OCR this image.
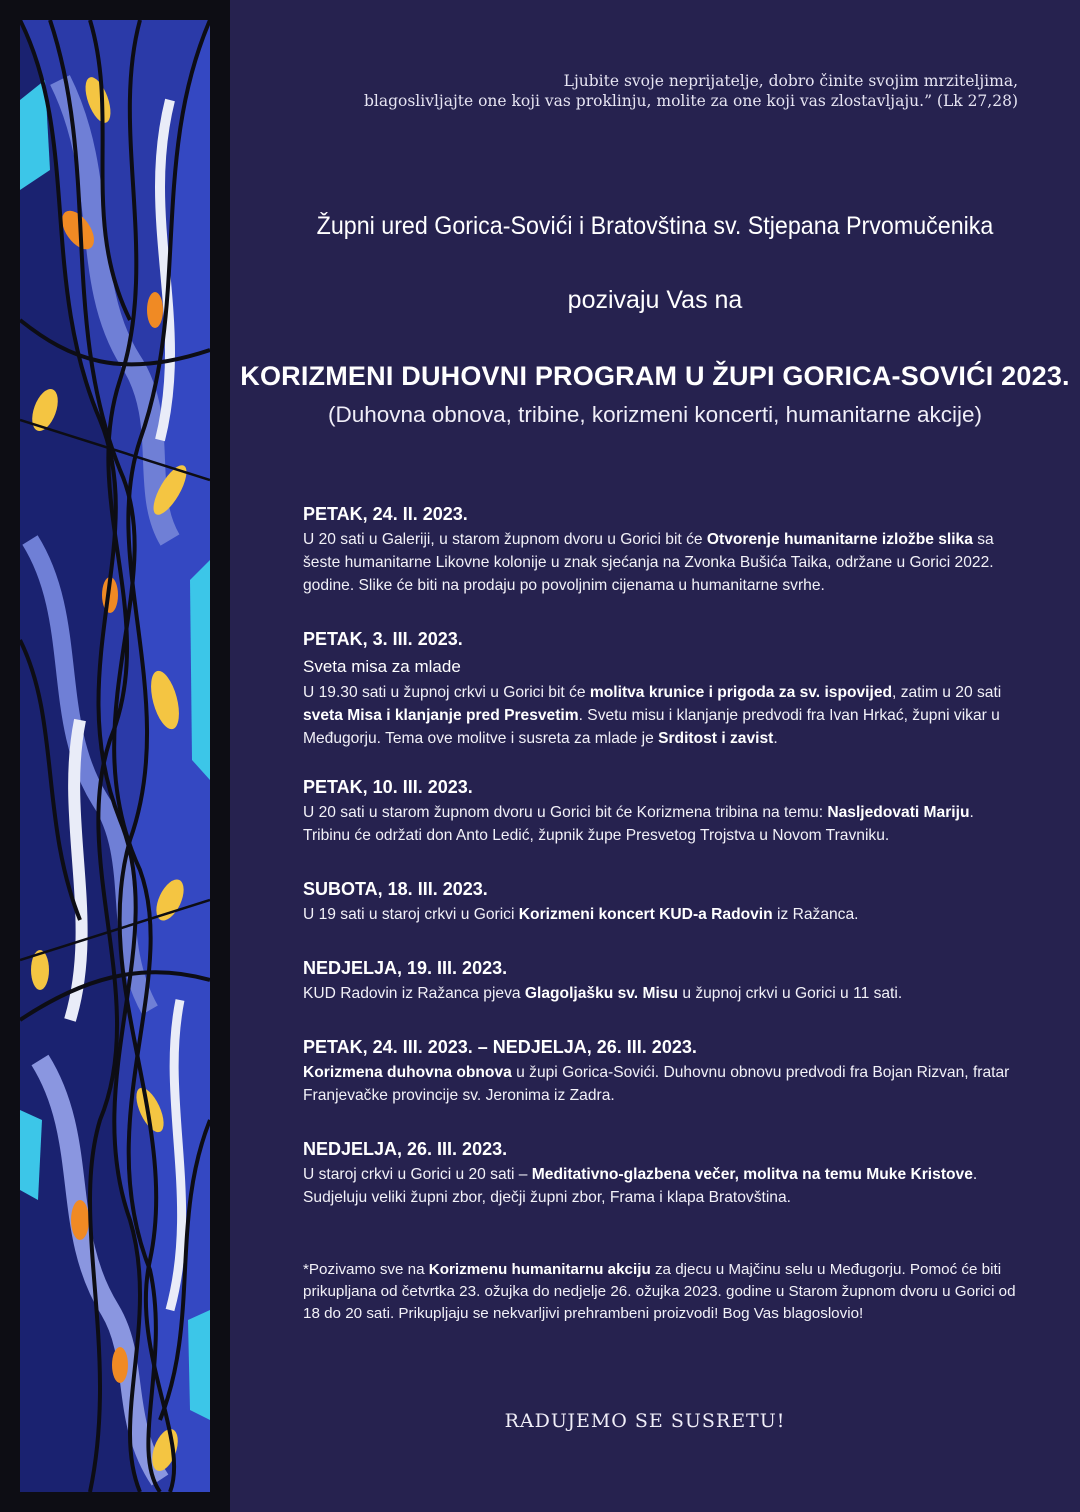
Ljubite svoje neprijatelje, dobro činite svojim mrziteljima,
blagoslivljajte one koji vas proklinju, molite za one koji vas zlostavljaju.” (Lk 27,28)
Župni ured Gorica-Sovići i Bratovština sv. Stjepana Prvomučenika
pozivaju Vas na
KORIZMENI DUHOVNI PROGRAM U ŽUPI GORICA-SOVIĆI 2023.
(Duhovna obnova, tribine, korizmeni koncerti, humanitarne akcije)
PETAK, 24. II. 2023.
U 20 sati u Galeriji, u starom župnom dvoru u Gorici bit će Otvorenje humanitarne izložbe slika sa šeste humanitarne Likovne kolonije u znak sjećanja na Zvonka Bušića Taika, održane u Gorici 2022. godine. Slike će biti na prodaju po povoljnim cijenama u humanitarne svrhe.
PETAK, 3. III. 2023.
Sveta misa za mlade
U 19.30 sati u župnoj crkvi u Gorici bit će molitva krunice i prigoda za sv. ispovijed, zatim u 20 sati sveta Misa i klanjanje pred Presvetim. Svetu misu i klanjanje predvodi fra Ivan Hrkać, župni vikar u Međugorju. Tema ove molitve i susreta za mlade je Srditost i zavist.
PETAK, 10. III. 2023.
U 20 sati u starom župnom dvoru u Gorici bit će Korizmena tribina na temu: Nasljedovati Mariju. Tribinu će održati don Anto Ledić, župnik župe Presvetog Trojstva u Novom Travniku.
SUBOTA, 18. III. 2023.
U 19 sati u staroj crkvi u Gorici Korizmeni koncert KUD-a Radovin iz Ražanca.
NEDJELJA, 19. III. 2023.
KUD Radovin iz Ražanca pjeva Glagoljašku sv. Misu u župnoj crkvi u Gorici u 11 sati.
PETAK, 24. III. 2023. – NEDJELJA, 26. III. 2023.
Korizmena duhovna obnova u župi Gorica-Sovići. Duhovnu obnovu predvodi fra Bojan Rizvan, fratar Franjevačke provincije sv. Jeronima iz Zadra.
NEDJELJA, 26. III. 2023.
U staroj crkvi u Gorici u 20 sati – Meditativno-glazbena večer, molitva na temu Muke Kristove. Sudjeluju veliki župni zbor, dječji župni zbor, Frama i klapa Bratovština.
*Pozivamo sve na Korizmenu humanitarnu akciju za djecu u Majčinu selu u Međugorju. Pomoć će biti prikupljana od četvrtka 23. ožujka do nedjelje 26. ožujka 2023. godine u Starom župnom dvoru u Gorici od 18 do 20 sati. Prikupljaju se nekvarljivi prehrambeni proizvodi! Bog Vas blagoslovio!
RADUJEMO SE SUSRETU!
